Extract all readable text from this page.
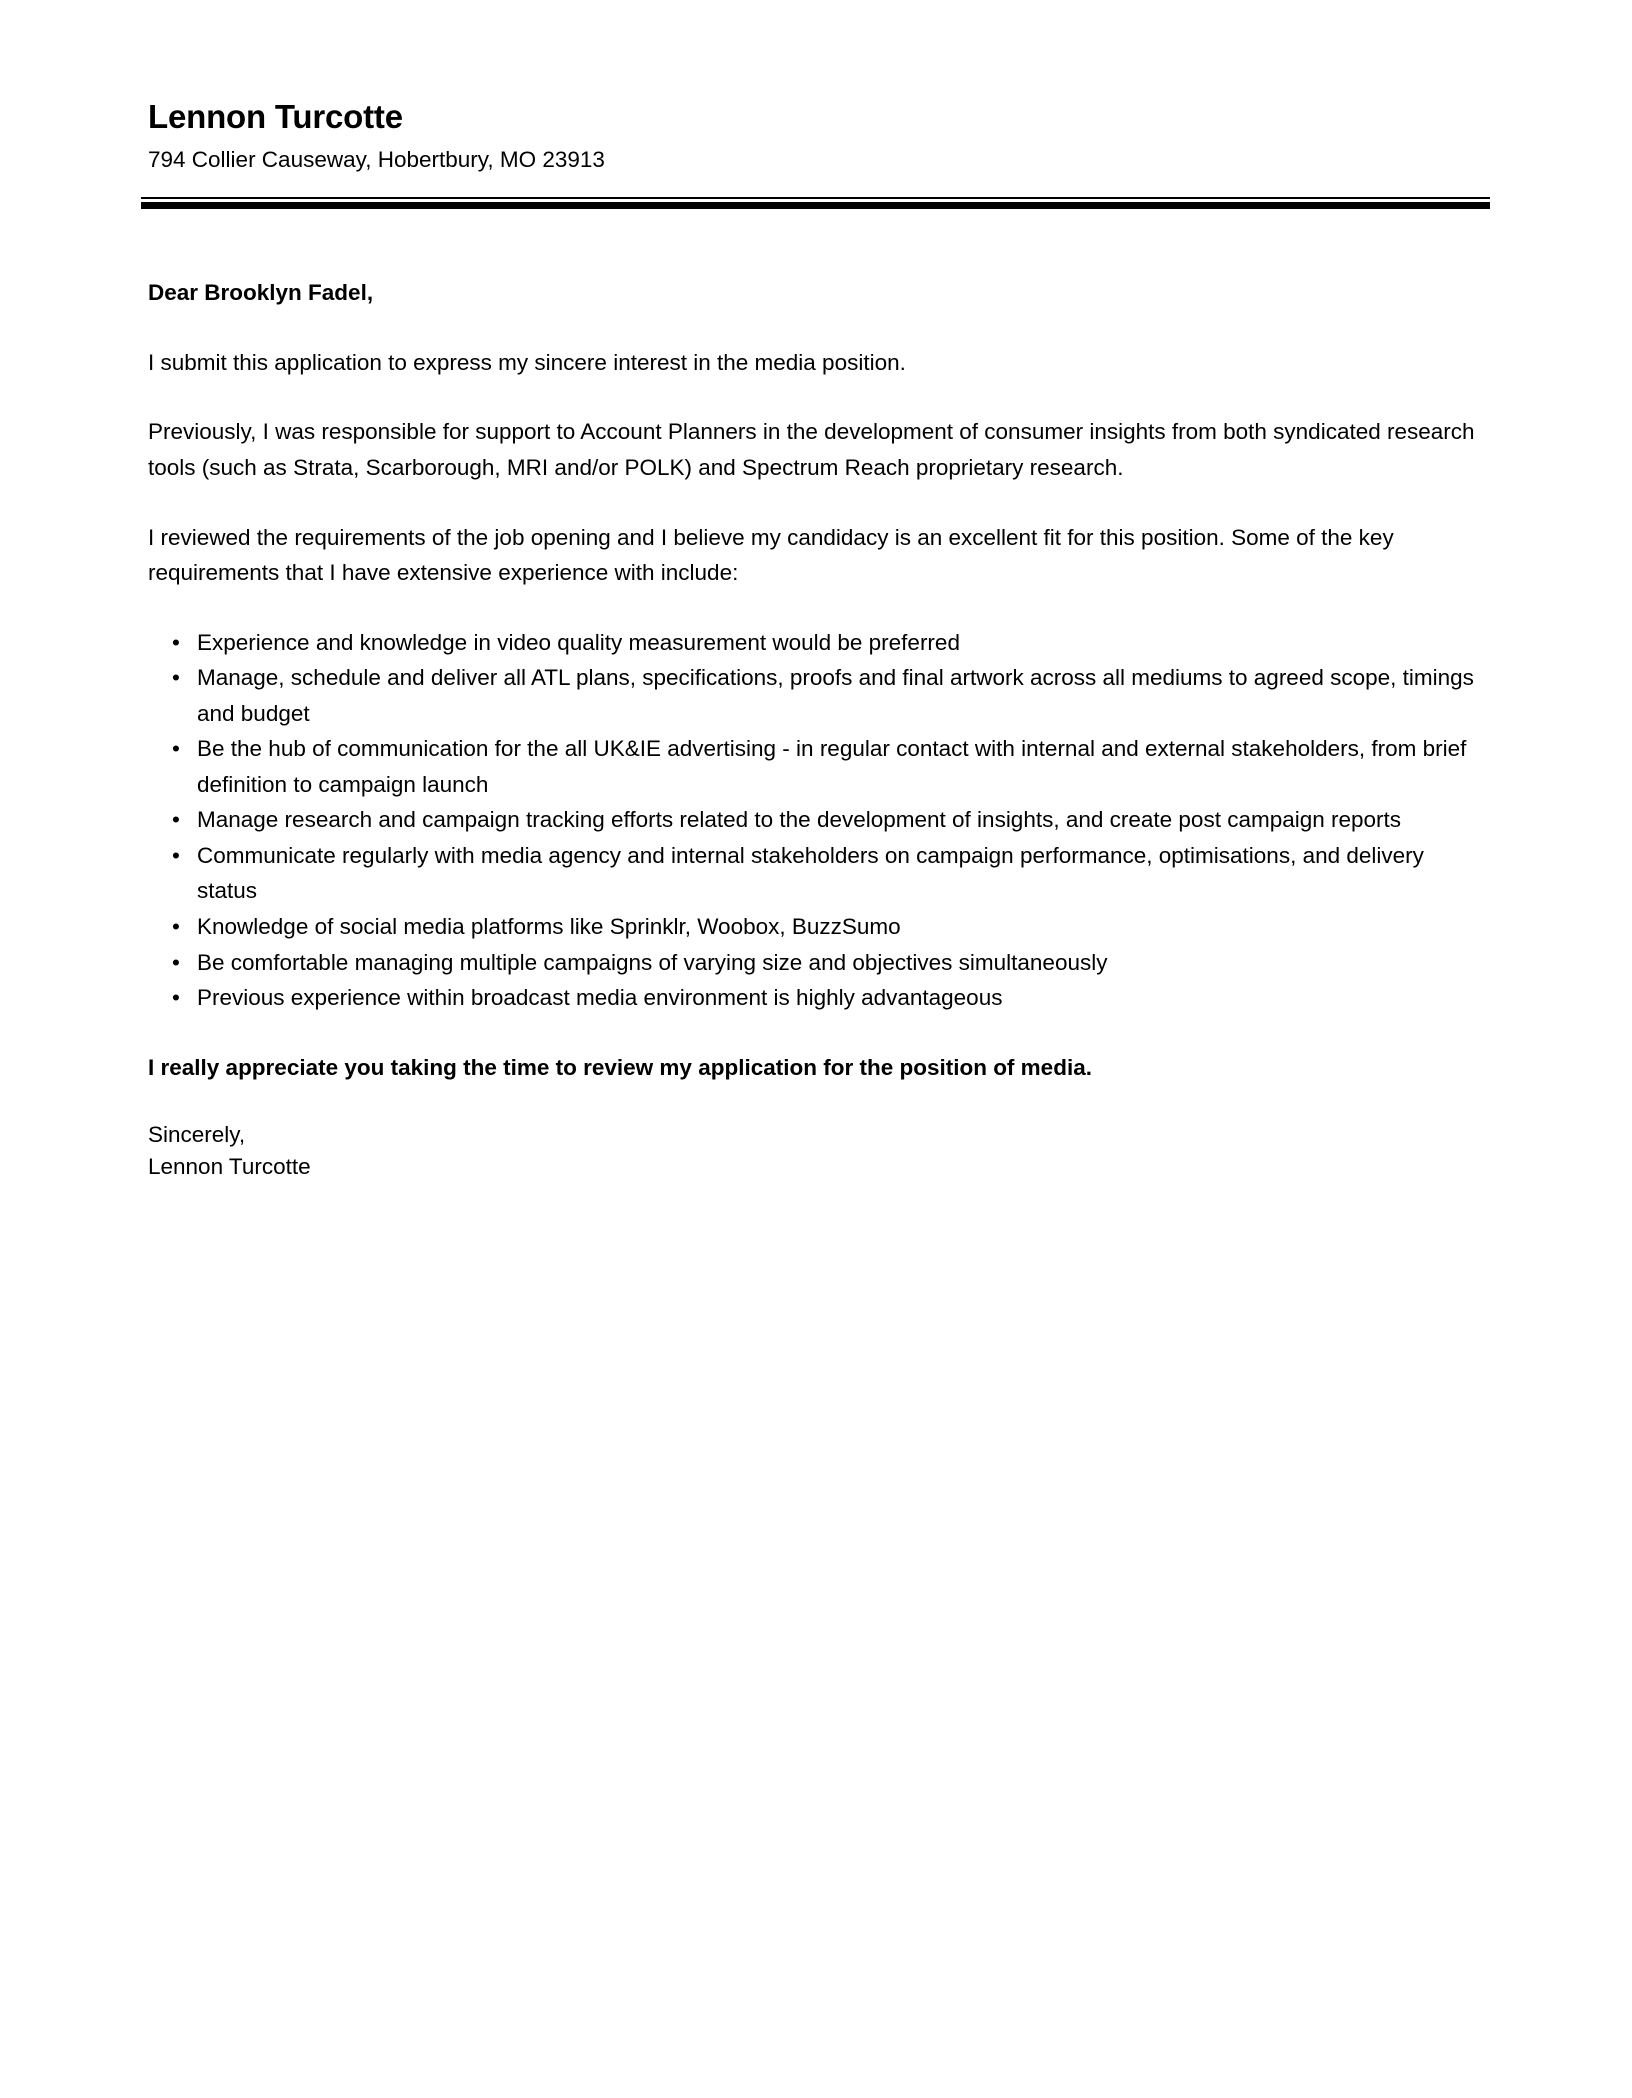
Lennon Turcotte
794 Collier Causeway, Hobertbury, MO 23913
Dear Brooklyn Fadel,

I submit this application to express my sincere interest in the media position.

Previously, I was responsible for support to Account Planners in the development of consumer insights from both syndicated research tools (such as Strata, Scarborough, MRI and/or POLK) and Spectrum Reach proprietary research.

I reviewed the requirements of the job opening and I believe my candidacy is an excellent fit for this position. Some of the key requirements that I have extensive experience with include:

• Experience and knowledge in video quality measurement would be preferred
• Manage, schedule and deliver all ATL plans, specifications, proofs and final artwork across all mediums to agreed scope, timings and budget
• Be the hub of communication for the all UK&IE advertising - in regular contact with internal and external stakeholders, from brief definition to campaign launch
• Manage research and campaign tracking efforts related to the development of insights, and create post campaign reports
• Communicate regularly with media agency and internal stakeholders on campaign performance, optimisations, and delivery status
• Knowledge of social media platforms like Sprinklr, Woobox, BuzzSumo
• Be comfortable managing multiple campaigns of varying size and objectives simultaneously
• Previous experience within broadcast media environment is highly advantageous

I really appreciate you taking the time to review my application for the position of media.

Sincerely,
Lennon Turcotte
